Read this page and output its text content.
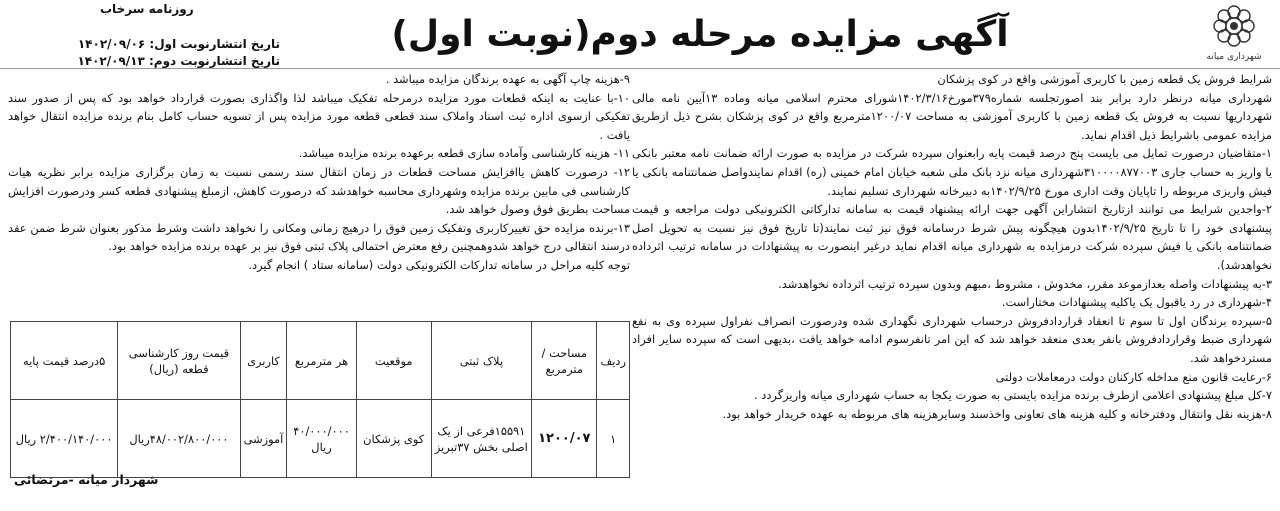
روزنامه سرخاب
تاریخ انتشارنوبت اول: ۱۴۰۲/۰۹/۰۶
تاریخ انتشارنوبت دوم: ۱۴۰۲/۰۹/۱۳
آگهی مزایده مرحله دوم(نوبت اول)
شهرداری میانه

شرایط فروش یک قطعه زمین با کاربری آموزشی واقع در کوی پزشکان

شهرداری میانه درنظر دارد برابر بند اصورتجلسه شماره۳۷۹مورخ۱۴۰۲/۳/۱۶شورای محترم اسلامی میانه وماده ۱۳آیین نامه مالی شهرداریها نسبت به فروش یک قطعه زمین با کاربری آموزشی به مساحت ۱۲۰۰/۰۷مترمربع واقع در کوی پزشکان بشرح ذیل ازطریق مزایده عمومی باشرایط ذیل اقدام نماید.

۱-متقاضیان درصورت تمایل می بایست پنج درصد قیمت پایه رابعنوان سپرده شرکت در مزایده به صورت ارائه ضمانت نامه معتبر بانکی یا واریز به حساب جاری ۳۱۰۰۰۰۸۷۷۰۰۳شهرداری میانه نزد بانک ملی شعبه خیابان امام خمینی (ره) اقدام نمایندواصل ضمانتنامه بانکی یا فیش واریزی مربوطه را تاپایان وقت اداری مورخ ۱۴۰۲/۹/۲۵به دبیرخانه شهرداری تسلیم نمایند.

۲-واجدین شرایط می توانند ازتاریخ انتشاراین آگهی جهت ارائه پیشنهاد قیمت به سامانه تدارکاتی الکترونیکی دولت مراجعه و قیمت پیشنهادی خود را تا تاریخ ۱۴۰۲/۹/۲۵بدون هیچگونه پیش شرط درسامانه فوق نیز ثبت نمایند(تا تاریخ فوق نیز نسبت به تحویل اصل ضمانتنامه بانکی یا فیش سپرده شرکت درمزایده به شهرداری میانه اقدام نماید درغیر اینصورت به پیشنهادات در سامانه ترتیب اثرداده نخواهدشد).

۳-به پیشنهادات واصله بعدازموعد مقرر، مخدوش ، مشروط ،مبهم وبدون سپرده ترتیب اثرداده نخواهدشد.

۴-شهرداری در رد یاقبول یک یاکلیه پیشنهادات مختاراست.

۵-سپرده برندگان اول تا سوم تا انعقاد قراردادفروش درحساب شهرداری نگهداری شده ودرصورت انصراف نفراول سپرده وی به نفع شهرداری ضبط وقراردادفروش بانفر بعدی منعقد خواهد شد که این امر تانفرسوم ادامه خواهد یافت ،بدیهی است که سپرده سایر افراد مستردخواهد شد.

۶-رعایت قانون منع مداخله کارکنان دولت درمعاملات دولتی

۷-کل مبلغ پیشنهادی اعلامی ازطرف برنده مزایده بایستی به صورت یکجا به حساب شهرداری میانه واریزگردد .

۸-هزینه نقل وانتقال ودفترخانه و کلیه هزینه های تعاونی واخذسند وسایرهزینه های مربوطه به عهده خریدار خواهد بود.

۹-هزینه چاپ آگهی به عهده برندگان مزایده میباشد .

۱۰-با عنایت به اینکه قطعات مورد مزایده درمرحله تفکیک میباشد لذا واگذاری بصورت قرارداد خواهد بود که پس از صدور سند تفکیکی ازسوی اداره ثبت اسناد واملاک سند قطعی قطعه مورد مزایده پس از تسویه حساب کامل بنام برنده مزایده انتقال خواهد یافت .

۱۱- هزینه کارشناسی وآماده سازی قطعه برعهده برنده مزایده میباشد.

۱۲- درصورت کاهش یاافزایش مساحت قطعات در زمان انتقال سند رسمی نسبت به زمان برگزاری مزایده برابر نظریه هیات کارشناسی فی مابین برنده مزایده وشهرداری محاسبه خواهدشد که درصورت کاهش، ازمبلغ پیشنهادی قطعه کسر ودرصورت افزایش مساحت بطریق فوق وصول خواهد شد.

۱۳-برنده مزایده حق تغییرکاربری وتفکیک زمین فوق را درهیچ زمانی ومکانی را نخواهد داشت وشرط مذکور بعنوان شرط ضمن عقد درسند انتقالی درج خواهد شدوهمچنین رفع معترض احتمالی پلاک ثبتی فوق نیز بر عهده برنده مزایده خواهد بود.

توجه کلیه مراحل در سامانه تدارکات الکترونیکی دولت (سامانه ستاد ) انجام گیرد.

ردیف	مساحت / مترمربع	پلاک ثبتی	موقعیت	هر مترمربع	کاربری	قیمت روز کارشناسی قطعه (ریال)	۵درصد قیمت پایه
۱	۱۲۰۰/۰۷	۱۵۵۹۱فرعی از یک اصلی بخش ۳۷تبریز	کوی پزشکان	۴۰/۰۰۰/۰۰۰ ریال	آموزشی	۴۸/۰۰۲/۸۰۰/۰۰۰ریال	۲/۴۰۰/۱۴۰/۰۰۰ ریال
شهردار میانه -مرتضائی
